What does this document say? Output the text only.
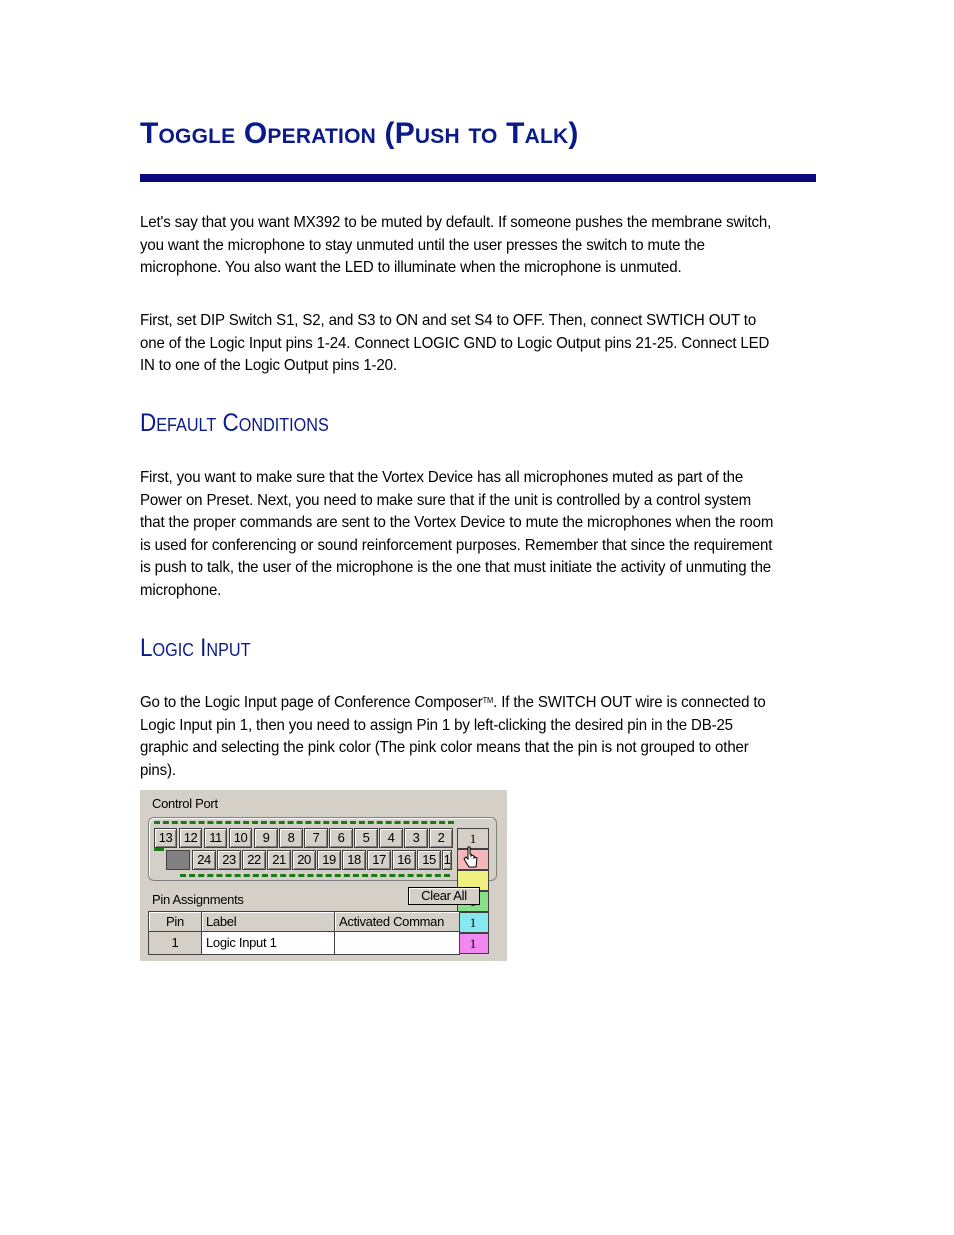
Toggle Operation (Push to Talk)

Let's say that you want MX392 to be muted by default. If someone pushes the membrane switch, you want the microphone to stay unmuted until the user presses the switch to mute the microphone. You also want the LED to illuminate when the microphone is unmuted.

First, set DIP Switch S1, S2, and S3 to ON and set S4 to OFF. Then, connect SWTICH OUT to one of the Logic Input pins 1-24. Connect LOGIC GND to Logic Output pins 21-25. Connect LED IN to one of the Logic Output pins 1-20.

Default Conditions

First, you want to make sure that the Vortex Device has all microphones muted as part of the Power on Preset. Next, you need to make sure that if the unit is controlled by a control system that the proper commands are sent to the Vortex Device to mute the microphones when the room is used for conferencing or sound reinforcement purposes. Remember that since the requirement is push to talk, the user of the microphone is the one that must initiate the activity of unmuting the microphone.

Logic Input

Go to the Logic Input page of Conference Composer™. If the SWITCH OUT wire is connected to Logic Input pin 1, then you need to assign Pin 1 by left-clicking the desired pin in the DB-25 graphic and selecting the pink color (The pink color means that the pin is not grouped to other pins).

Control Port
13 12 11 10	9	8	7	6	5	4	3	2
24 23 22 21 20 19 18 17 16 15 1
1
1
1
Clear All
Pin Assignments
Pin	Label	Activated Comman
1	Logic Input 1
